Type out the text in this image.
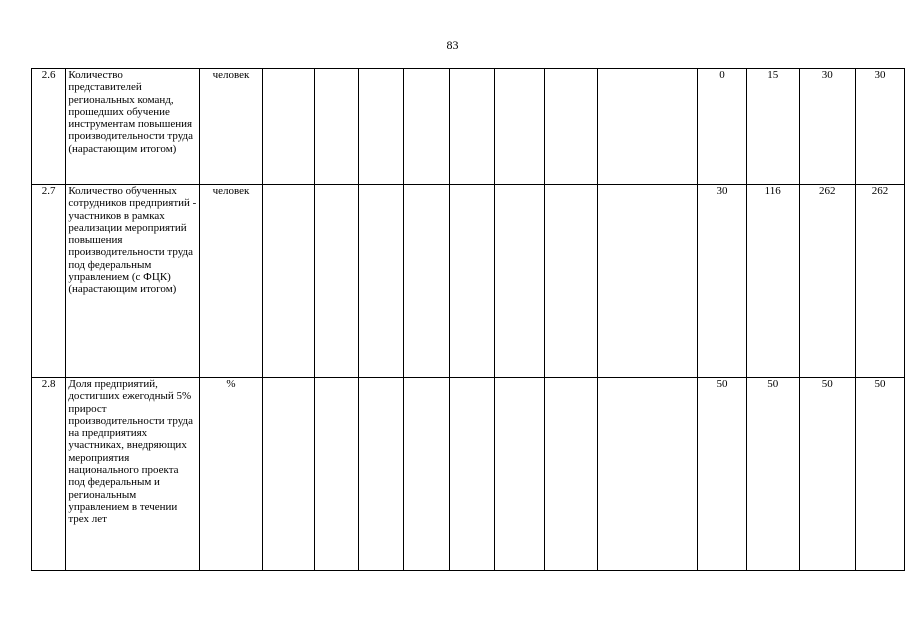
83
2.6	Количество представителей региональных команд, прошедших обучение инструментам повышения производительности труда (нарастающим итогом)	человек									0	15	30	30
2.7	Количество обученных сотрудников предприятий - участников в рамках реализации мероприятий повышения производительности труда под федеральным управлением (с ФЦК) (нарастающим итогом)	человек									30	116	262	262
2.8	Доля предприятий, достигших ежегодный 5% прирост производительности труда на предприятиях участниках, внедряющих мероприятия национального проекта под федеральным и региональным управлением в течении трех лет	%									50	50	50	50
